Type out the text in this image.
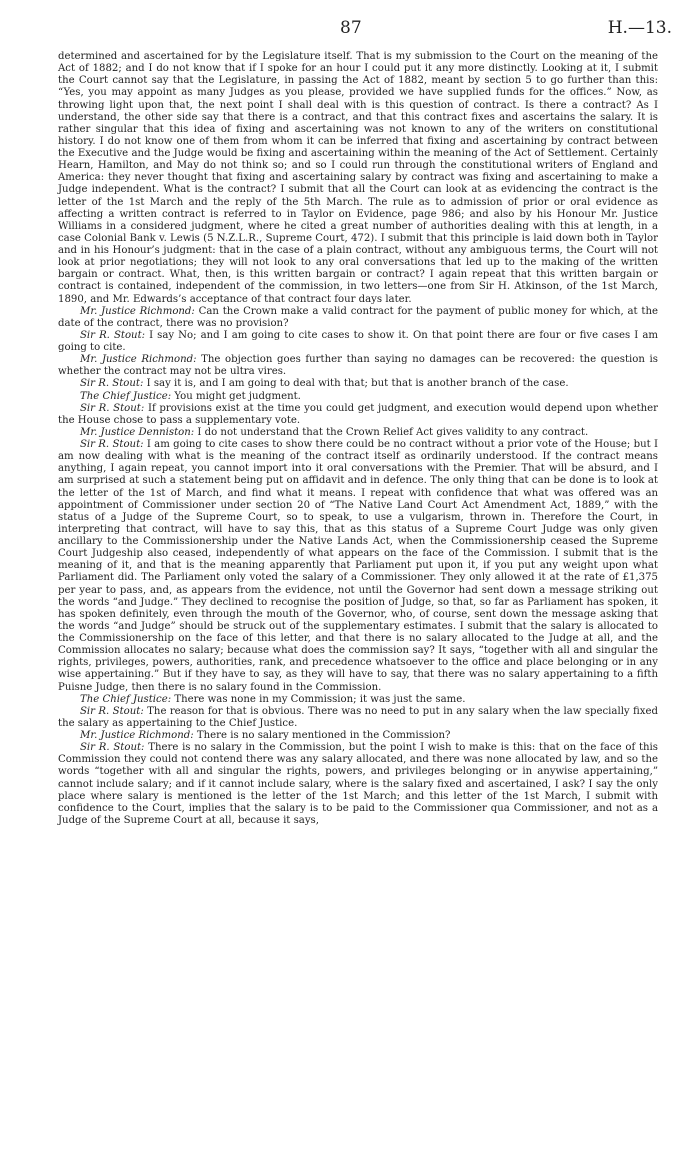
87	H.—13.

determined and ascertained for by the Legislature itself. That is my submission to the Court on the meaning of the Act of 1882; and I do not know that if I spoke for an hour I could put it any more distinctly. Looking at it, I submit the Court cannot say that the Legislature, in passing the Act of 1882, meant by section 5 to go further than this: “Yes, you may appoint as many Judges as you please, provided we have supplied funds for the offices.” Now, as throwing light upon that, the next point I shall deal with is this question of contract. Is there a contract? As I understand, the other side say that there is a contract, and that this contract fixes and ascertains the salary. It is rather singular that this idea of fixing and ascertaining was not known to any of the writers on constitutional history. I do not know one of them from whom it can be inferred that fixing and ascertaining by contract between the Executive and the Judge would be fixing and ascertaining within the meaning of the Act of Settlement. Certainly Hearn, Hamilton, and May do not think so; and so I could run through the constitutional writers of England and America: they never thought that fixing and ascertaining salary by contract was fixing and ascertaining to make a Judge independent. What is the contract? I submit that all the Court can look at as evidencing the contract is the letter of the 1st March and the reply of the 5th March. The rule as to admission of prior or oral evidence as affecting a written contract is referred to in Taylor on Evidence, page 986; and also by his Honour Mr. Justice Williams in a considered judgment, where he cited a great number of authorities dealing with this at length, in a case Colonial Bank v. Lewis (5 N.Z.L.R., Supreme Court, 472). I submit that this principle is laid down both in Taylor and in his Honour’s judgment: that in the case of a plain contract, without any ambiguous terms, the Court will not look at prior negotiations; they will not look to any oral conversations that led up to the making of the written bargain or contract. What, then, is this written bargain or contract? I again repeat that this written bargain or contract is contained, independent of the commission, in two letters—one from Sir H. Atkinson, of the 1st March, 1890, and Mr. Edwards’s acceptance of that contract four days later.

Mr. Justice Richmond: Can the Crown make a valid contract for the payment of public money for which, at the date of the contract, there was no provision?

Sir R. Stout: I say No; and I am going to cite cases to show it. On that point there are four or five cases I am going to cite.

Mr. Justice Richmond: The objection goes further than saying no damages can be recovered: the question is whether the contract may not be ultra vires.

Sir R. Stout: I say it is, and I am going to deal with that; but that is another branch of the case.

The Chief Justice: You might get judgment.

Sir R. Stout: If provisions exist at the time you could get judgment, and execution would depend upon whether the House chose to pass a supplementary vote.

Mr. Justice Denniston: I do not understand that the Crown Relief Act gives validity to any contract.

Sir R. Stout: I am going to cite cases to show there could be no contract without a prior vote of the House; but I am now dealing with what is the meaning of the contract itself as ordinarily understood. If the contract means anything, I again repeat, you cannot import into it oral conversations with the Premier. That will be absurd, and I am surprised at such a statement being put on affidavit and in defence. The only thing that can be done is to look at the letter of the 1st of March, and find what it means. I repeat with confidence that what was offered was an appointment of Commissioner under section 20 of “The Native Land Court Act Amendment Act, 1889,” with the status of a Judge of the Supreme Court, so to speak, to use a vulgarism, thrown in. Therefore the Court, in interpreting that contract, will have to say this, that as this status of a Supreme Court Judge was only given ancillary to the Commissionership under the Native Lands Act, when the Commissionership ceased the Supreme Court Judgeship also ceased, independently of what appears on the face of the Commission. I submit that is the meaning of it, and that is the meaning apparently that Parliament put upon it, if you put any weight upon what Parliament did. The Parliament only voted the salary of a Commissioner. They only allowed it at the rate of £1,375 per year to pass, and, as appears from the evidence, not until the Governor had sent down a message striking out the words “and Judge.” They declined to recognise the position of Judge, so that, so far as Parliament has spoken, it has spoken definitely, even through the mouth of the Governor, who, of course, sent down the message asking that the words “and Judge” should be struck out of the supplementary estimates. I submit that the salary is allocated to the Commissionership on the face of this letter, and that there is no salary allocated to the Judge at all, and the Commission allocates no salary; because what does the commission say? It says, “together with all and singular the rights, privileges, powers, authorities, rank, and precedence whatsoever to the office and place belonging or in any wise appertaining.” But if they have to say, as they will have to say, that there was no salary appertaining to a fifth Puisne Judge, then there is no salary found in the Commission.

The Chief Justice: There was none in my Commission; it was just the same.

Sir R. Stout: The reason for that is obvious. There was no need to put in any salary when the law specially fixed the salary as appertaining to the Chief Justice.

Mr. Justice Richmond: There is no salary mentioned in the Commission?

Sir R. Stout: There is no salary in the Commission, but the point I wish to make is this: that on the face of this Commission they could not contend there was any salary allocated, and there was none allocated by law, and so the words “together with all and singular the rights, powers, and privileges belonging or in anywise appertaining,” cannot include salary; and if it cannot include salary, where is the salary fixed and ascertained, I ask? I say the only place where salary is mentioned is the letter of the 1st March; and this letter of the 1st March, I submit with confidence to the Court, implies that the salary is to be paid to the Commissioner qua Commissioner, and not as a Judge of the Supreme Court at all, because it says,
